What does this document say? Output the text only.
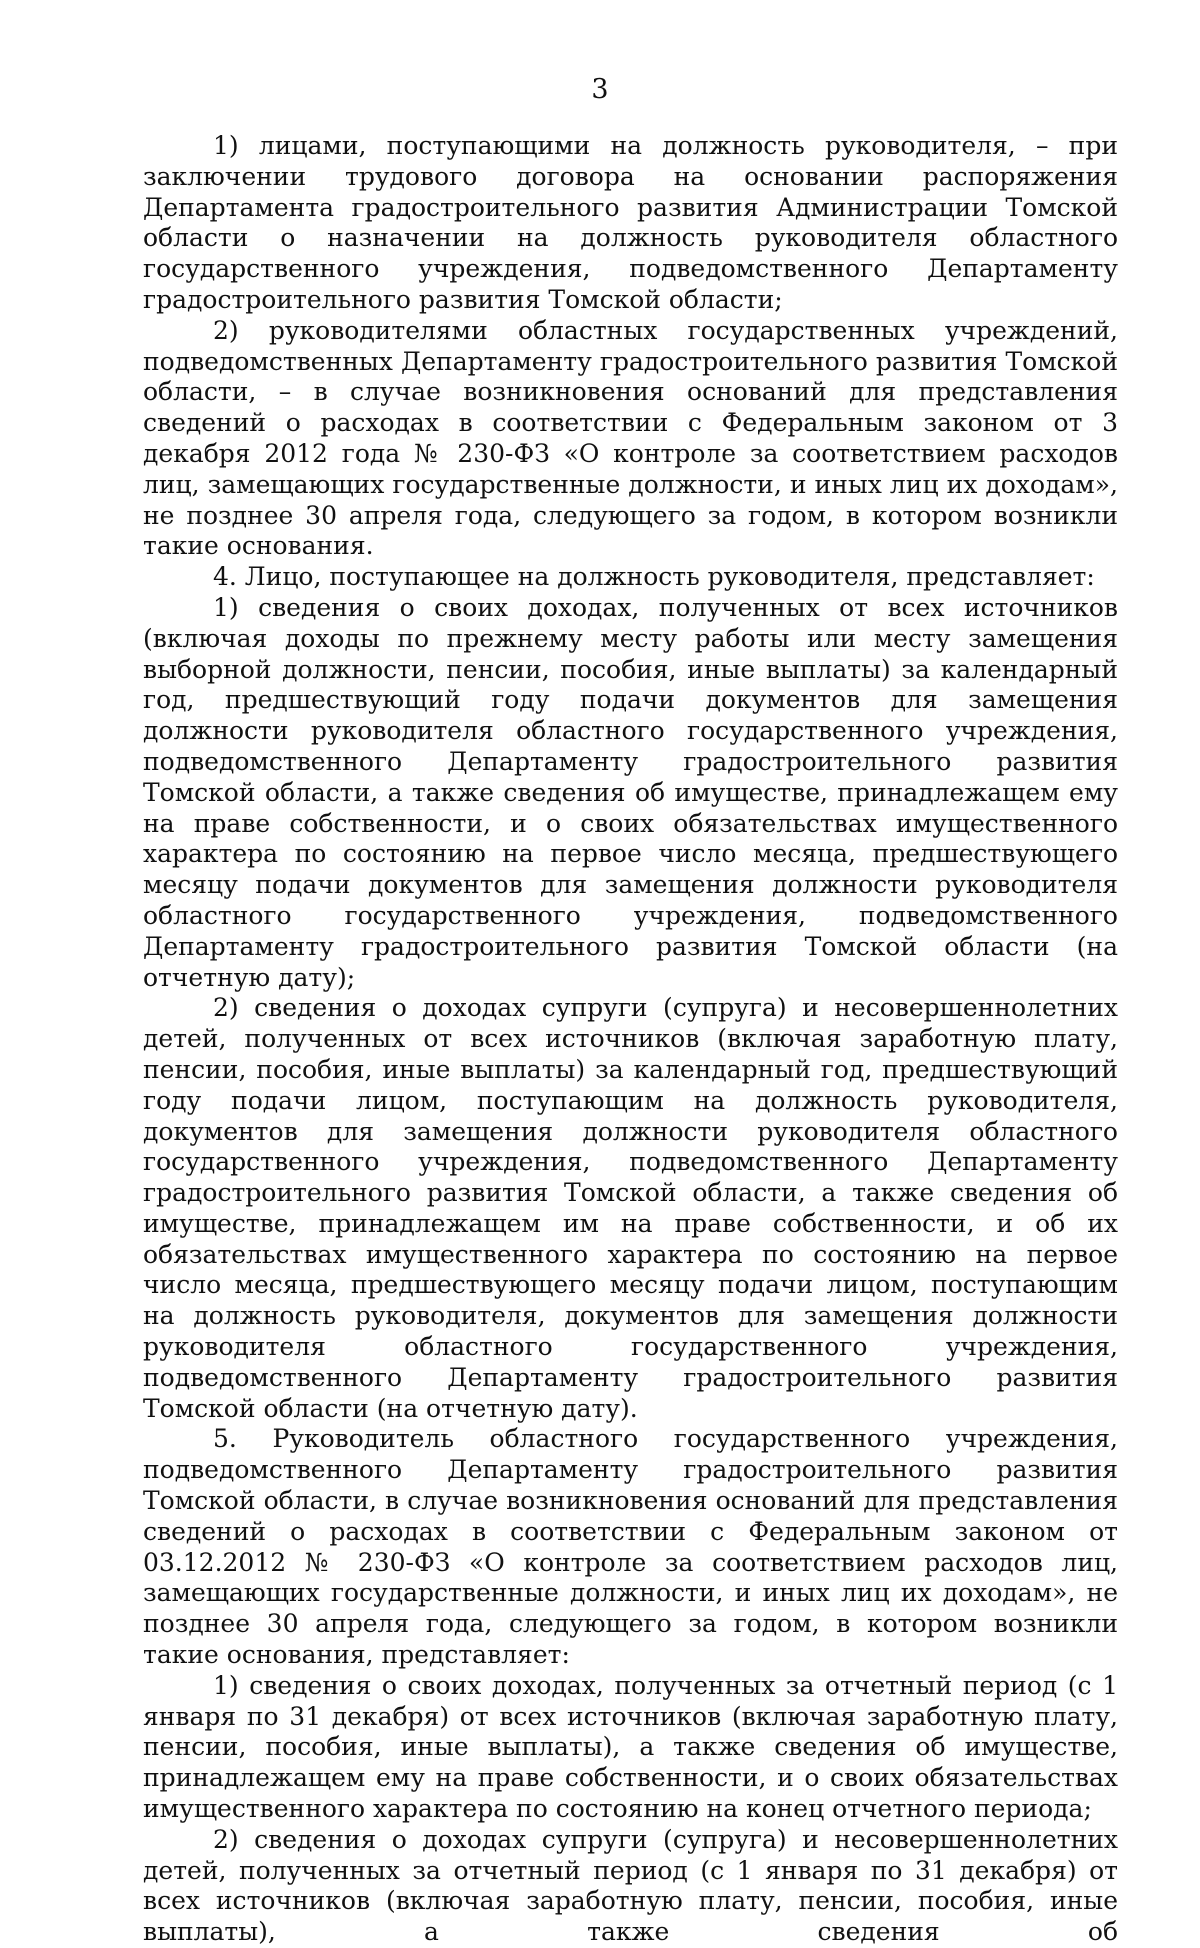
3

1) лицами, поступающими на должность руководителя, – при заключении трудового договора на основании распоряжения Департамента градостроительного развития Администрации Томской области о назначении на должность руководителя областного государственного учреждения, подведомственного Департаменту градостроительного развития Томской области;

2) руководителями областных государственных учреждений, подведомственных Департаменту градостроительного развития Томской области, – в случае возникновения оснований для представления сведений о расходах в соответствии с Федеральным законом от 3 декабря 2012 года № 230-ФЗ «О контроле за соответствием расходов лиц, замещающих государственные должности, и иных лиц их доходам», не позднее 30 апреля года, следующего за годом, в котором возникли такие основания.

4. Лицо, поступающее на должность руководителя, представляет:

1) сведения о своих доходах, полученных от всех источников (включая доходы по прежнему месту работы или месту замещения выборной должности, пенсии, пособия, иные выплаты) за календарный год, предшествующий году подачи документов для замещения должности руководителя областного государственного учреждения, подведомственного Департаменту градостроительного развития Томской области, а также сведения об имуществе, принадлежащем ему на праве собственности, и о своих обязательствах имущественного характера по состоянию на первое число месяца, предшествующего месяцу подачи документов для замещения должности руководителя областного государственного учреждения, подведомственного Департаменту градостроительного развития Томской области (на отчетную дату);

2) сведения о доходах супруги (супруга) и несовершеннолетних детей, полученных от всех источников (включая заработную плату, пенсии, пособия, иные выплаты) за календарный год, предшествующий году подачи лицом, поступающим на должность руководителя, документов для замещения должности руководителя областного государственного учреждения, подведомственного Департаменту градостроительного развития Томской области, а также сведения об имуществе, принадлежащем им на праве собственности, и об их обязательствах имущественного характера по состоянию на первое число месяца, предшествующего месяцу подачи лицом, поступающим на должность руководителя, документов для замещения должности руководителя областного государственного учреждения, подведомственного Департаменту градостроительного развития Томской области (на отчетную дату).

5. Руководитель областного государственного учреждения, подведомственного Департаменту градостроительного развития Томской области, в случае возникновения оснований для представления сведений о расходах в соответствии с Федеральным законом от 03.12.2012 № 230-ФЗ «О контроле за соответствием расходов лиц, замещающих государственные должности, и иных лиц их доходам», не позднее 30 апреля года, следующего за годом, в котором возникли такие основания, представляет:

1) сведения о своих доходах, полученных за отчетный период (с 1 января по 31 декабря) от всех источников (включая заработную плату, пенсии, пособия, иные выплаты), а также сведения об имуществе, принадлежащем ему на праве собственности, и о своих обязательствах имущественного характера по состоянию на конец отчетного периода;

2) сведения о доходах супруги (супруга) и несовершеннолетних детей, полученных за отчетный период (с 1 января по 31 декабря) от всех источников (включая заработную плату, пенсии, пособия, иные выплаты), а также сведения об
